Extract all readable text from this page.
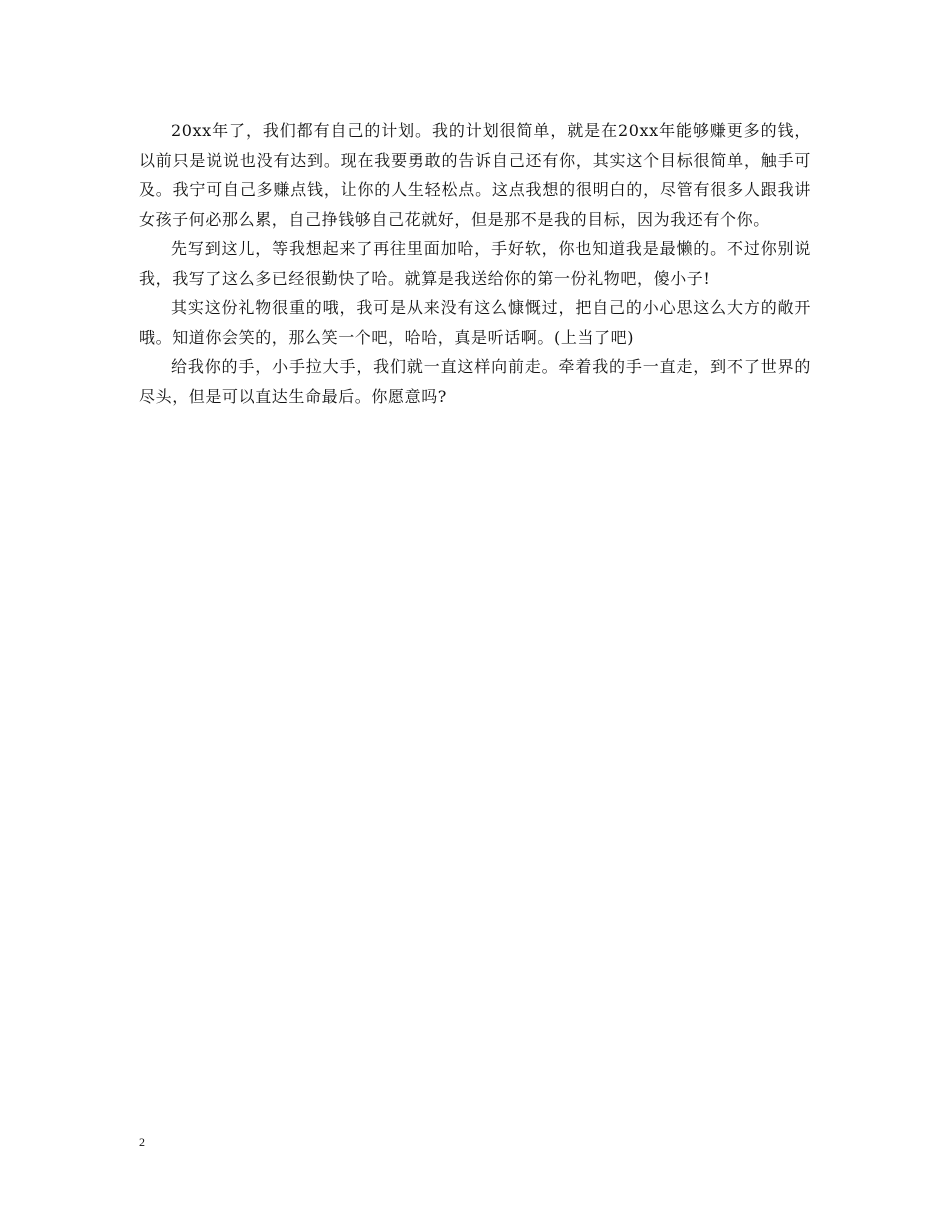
20xx年了，我们都有自己的计划。我的计划很简单，就是在20xx年能够赚更多的钱，以前只是说说也没有达到。现在我要勇敢的告诉自己还有你，其实这个目标很简单，触手可及。我宁可自己多赚点钱，让你的人生轻松点。这点我想的很明白的，尽管有很多人跟我讲女孩子何必那么累，自己挣钱够自己花就好，但是那不是我的目标，因为我还有个你。

先写到这儿，等我想起来了再往里面加哈，手好软，你也知道我是最懒的。不过你别说我，我写了这么多已经很勤快了哈。就算是我送给你的第一份礼物吧，傻小子!

其实这份礼物很重的哦，我可是从来没有这么慷慨过，把自己的小心思这么大方的敞开哦。知道你会笑的，那么笑一个吧，哈哈，真是听话啊。(上当了吧)

给我你的手，小手拉大手，我们就一直这样向前走。牵着我的手一直走，到不了世界的尽头，但是可以直达生命最后。你愿意吗?

2
